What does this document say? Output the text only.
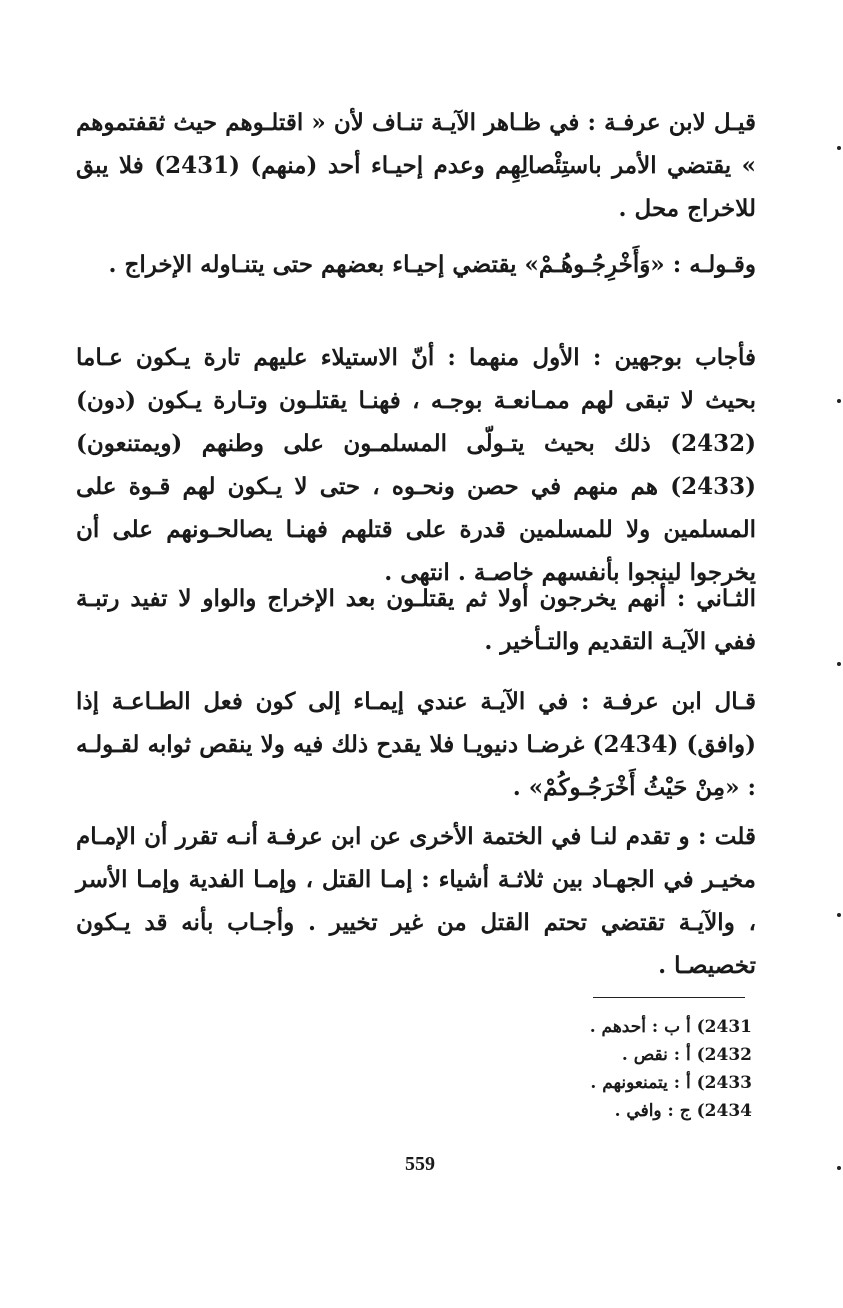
قيـل لابن عرفـة : في ظـاهر الآيـة تنـاف لأن « اقتلـوهم حيث ثقفتموهم » يقتضي الأمر باستِئْصالِهِم وعدم إحيـاء أحد (منهم) (2431) فلا يبق للاخراج محل .

وقـولـه : «وَأَخْرِجُـوهُـمْ» يقتضي إحيـاء بعضهم حتى يتنـاوله الإخراج .

فأجاب بوجهين : الأول منهما : أنّ الاستيلاء عليهم تارة يـكون عـاما بحيث لا تبقى لهم ممـانعـة بوجـه ، فهنـا يقتلـون وتـارة يـكون (دون) (2432) ذلك بحيث يتـولّى المسلمـون على وطنهم (ويمتنعون) (2433) هم منهم في حصن ونحـوه ، حتى لا يـكون لهم قـوة على المسلمين ولا للمسلمين قدرة على قتلهم فهنـا يصالحـونهم على أن يخرجوا لينجوا بأنفسهم خاصـة . انتهى .

الثـاني : أنهم يخرجون أولا ثم يقتلـون بعد الإخراج والواو لا تفيد رتبـة ففي الآيـة التقديم والتـأخير .

قـال ابن عرفـة : في الآيـة عندي إيمـاء إلى كون فعل الطـاعـة إذا (وافق) (2434) غرضـا دنيويـا فلا يقدح ذلك فيه ولا ينقص ثوابه لقـولـه : «مِنْ حَيْثُ أَخْرَجُـوكُمْ» .

قلت : و تقدم لنـا في الختمة الأخرى عن ابن عرفـة أنـه تقرر أن الإمـام مخيـر في الجهـاد بين ثلاثـة أشياء : إمـا القتل ، وإمـا الفدية وإمـا الأسر ، والآيـة تقتضي تحتم القتل من غير تخيير . وأجـاب بأنه قد يـكون تخصيصـا .

(2431 أ ب : أحدهم .
(2432 أ : نقص .
(2433 أ : يتمنعونهم .
(2434 ج : وافي .
559
